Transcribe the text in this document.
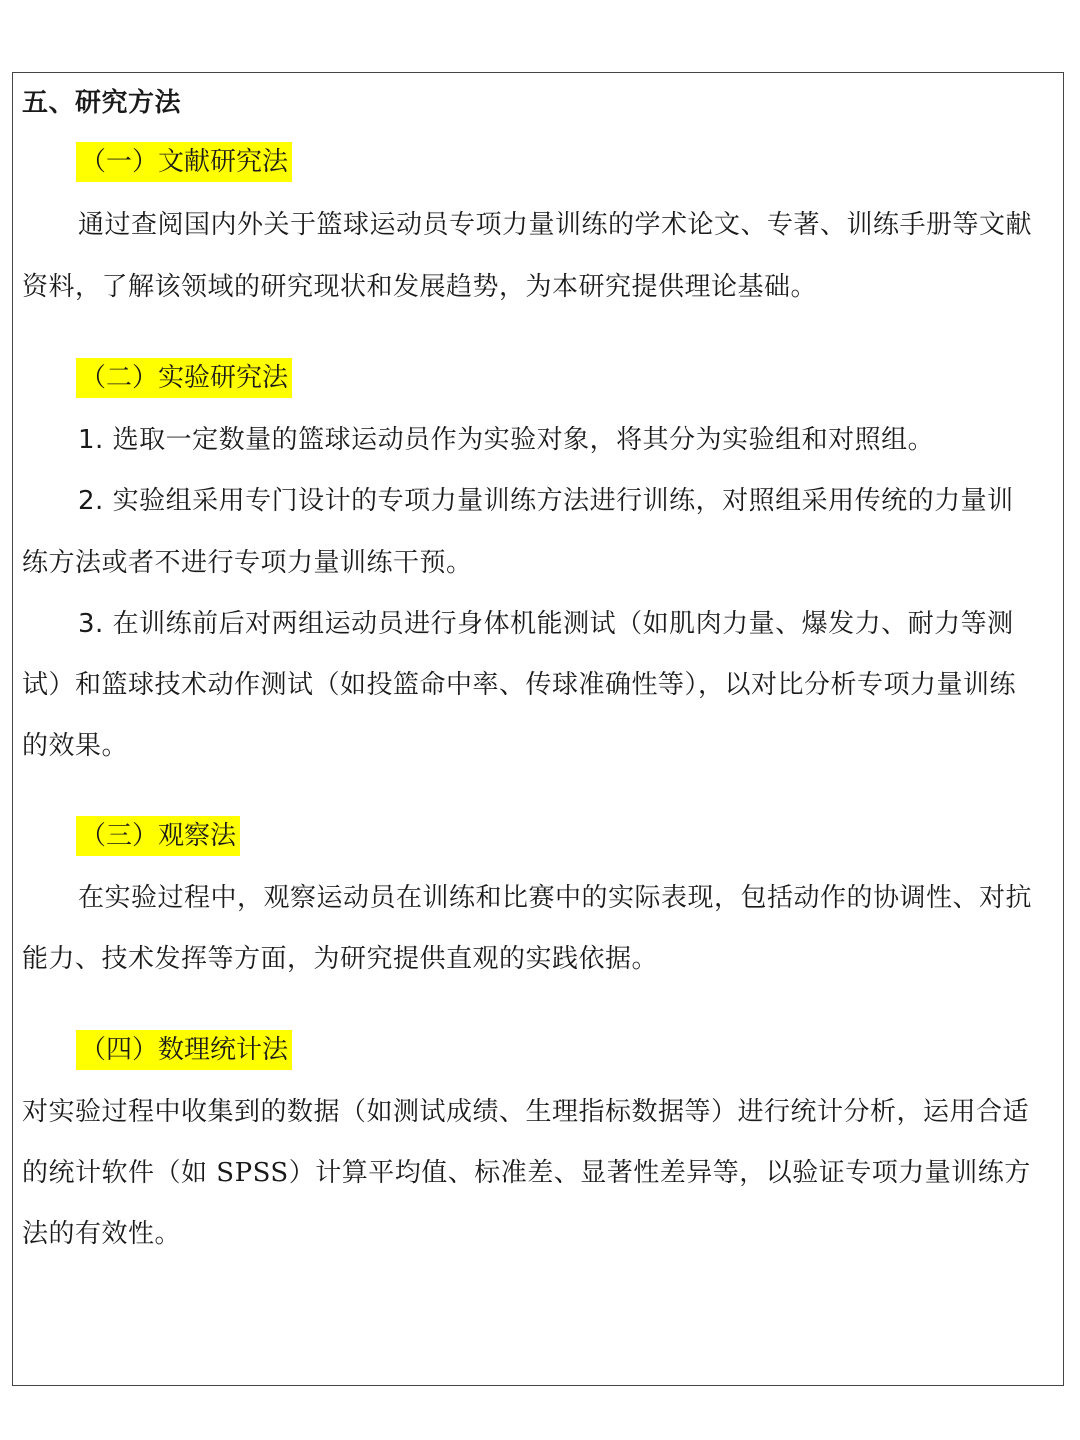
五、研究方法
（一）文献研究法
通过查阅国内外关于篮球运动员专项力量训练的学术论文、专著、训练手册等文献
资料，了解该领域的研究现状和发展趋势，为本研究提供理论基础。
（二）实验研究法
1. 选取一定数量的篮球运动员作为实验对象，将其分为实验组和对照组。
2. 实验组采用专门设计的专项力量训练方法进行训练，对照组采用传统的力量训
练方法或者不进行专项力量训练干预。
3. 在训练前后对两组运动员进行身体机能测试（如肌肉力量、爆发力、耐力等测
试）和篮球技术动作测试（如投篮命中率、传球准确性等），以对比分析专项力量训练
的效果。
（三）观察法
在实验过程中，观察运动员在训练和比赛中的实际表现，包括动作的协调性、对抗
能力、技术发挥等方面，为研究提供直观的实践依据。
（四）数理统计法
对实验过程中收集到的数据（如测试成绩、生理指标数据等）进行统计分析，运用合适
的统计软件（如 SPSS）计算平均值、标准差、显著性差异等，以验证专项力量训练方
法的有效性。
